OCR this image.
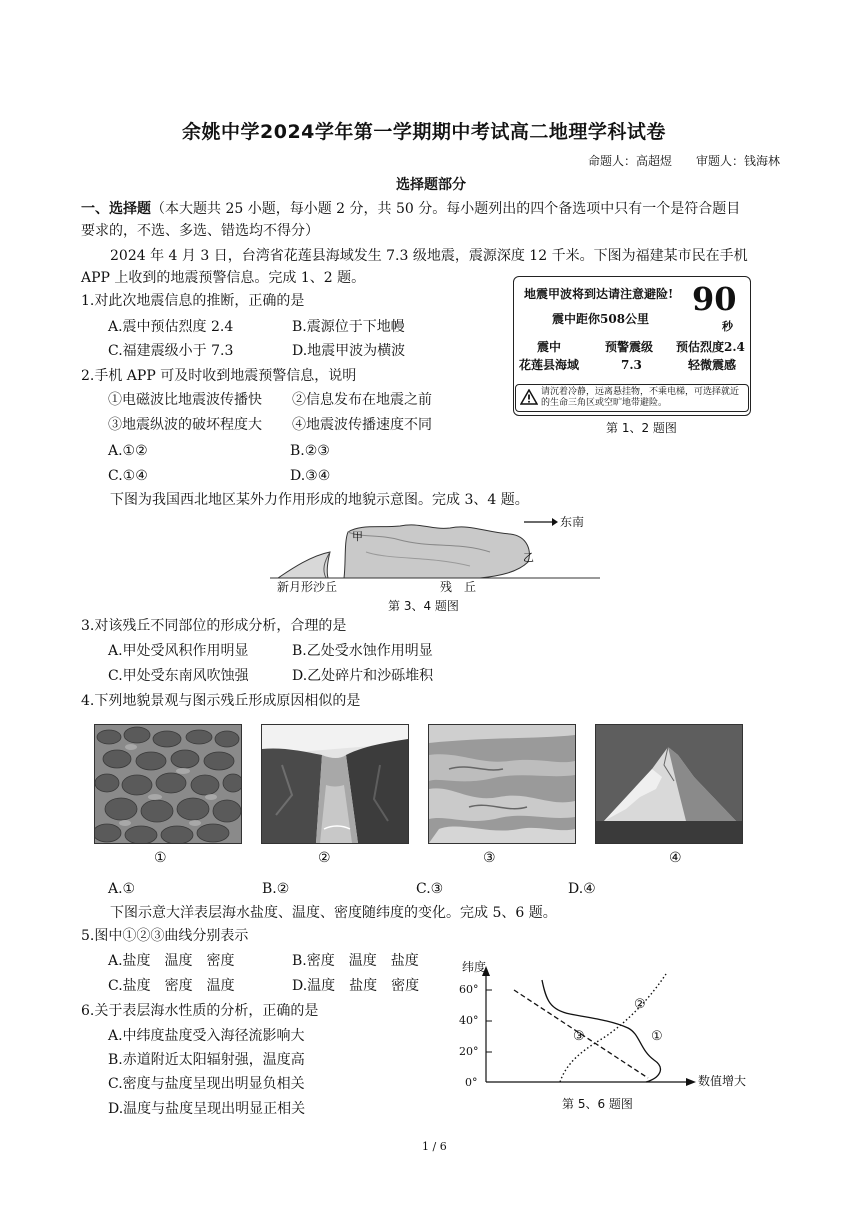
余姚中学2024学年第一学期期中考试高二地理学科试卷
命题人：高超煜　　审题人：钱海林
选择题部分
一、选择题（本大题共 25 小题，每小题 2 分，共 50 分。每小题列出的四个备选项中只有一个是符合题目
要求的，不选、多选、错选均不得分）
2024 年 4 月 3 日，台湾省花莲县海域发生 7.3 级地震，震源深度 12 千米。下图为福建某市民在手机
APP 上收到的地震预警信息。完成 1、2 题。
1.对此次地震信息的推断，正确的是
A.震中预估烈度 2.4	B.震源位于下地幔
C.福建震级小于 7.3	D.地震甲波为横波
2.手机 APP 可及时收到地震预警信息，说明
①电磁波比地震波传播快 ②信息发布在地震之前
③地震纵波的破坏程度大 ④地震波传播速度不同
A.①②	B.②③
C.①④	D.③④
地震甲波将到达请注意避险!
震中距你508公里
90
秒
震中	预警震级 预估烈度2.4
花莲县海域	7.3	轻微震感
请沉着冷静，远离悬挂物，不乘电梯，可选择就近
的生命三角区或空旷地带避险。
第 1、2 题图
下图为我国西北地区某外力作用形成的地貌示意图。完成 3、4 题。
甲
乙
东南
新月形沙丘	残　丘
第 3、4 题图
3.对该残丘不同部位的形成分析，合理的是
A.甲处受风积作用明显	B.乙处受水蚀作用明显
C.甲处受东南风吹蚀强	D.乙处碎片和沙砾堆积
4.下列地貌景观与图示残丘形成原因相似的是
①	②	③	④
A.①	B.②	C.③	D.④
下图示意大洋表层海水盐度、温度、密度随纬度的变化。完成 5、6 题。
5.图中①②③曲线分别表示
A.盐度　温度　密度	B.密度　温度　盐度
C.盐度　密度　温度	D.温度　盐度　密度
6.关于表层海水性质的分析，正确的是
A.中纬度盐度受入海径流影响大
B.赤道附近太阳辐射强，温度高
C.密度与盐度呈现出明显负相关
D.温度与盐度呈现出明显正相关
纬度
60°
40°
20°
0°	数值增大
①
②
③
第 5、6 题图
1 / 6
